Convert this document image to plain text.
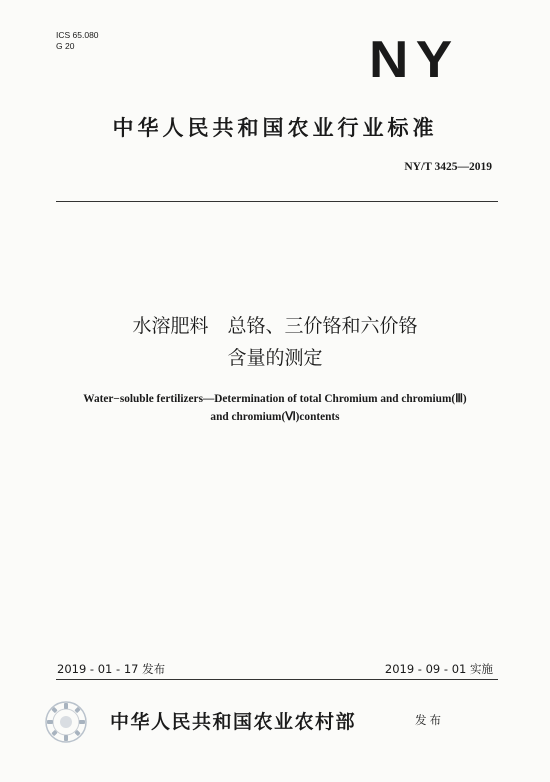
ICS 65.080
G 20	NY
中华人民共和国农业行业标准
NY/T 3425—2019
水溶肥料　总铬、三价铬和六价铬
含量的测定
Water−soluble fertilizers—Determination of total Chromium and chromium(Ⅲ)
and chromium(Ⅵ)contents
2019 - 01 - 17 发布	2019 - 09 - 01 实施
中华人民共和国农业农村部	发布
